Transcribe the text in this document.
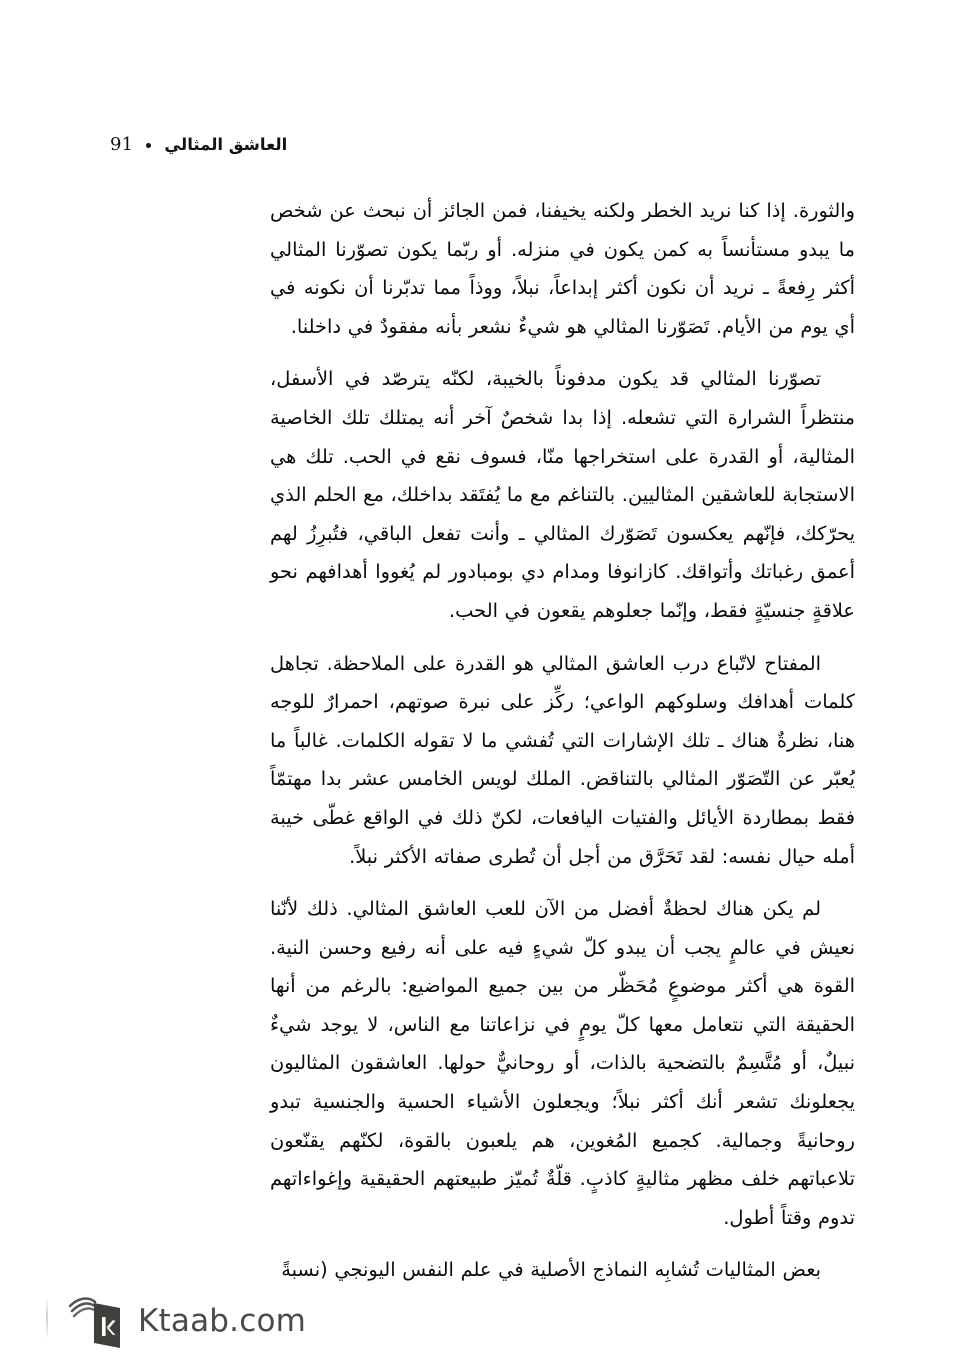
91 العاشق المثالي

والثورة. إذا كنا نريد الخطر ولكنه يخيفنا، فمن الجائز أن نبحث عن شخص ما يبدو مستأنساً به كمن يكون في منزله. أو ربّما يكون تصوّرنا المثالي أكثر رِفعةً ـ نريد أن نكون أكثر إبداعاً، نبلاً، ووذاً مما تدبّرنا أن نكونه في أي يوم من الأيام. تَصَوّرنا المثالي هو شيءٌ نشعر بأنه مفقودٌ في داخلنا.

تصوّرنا المثالي قد يكون مدفوناً بالخيبة، لكنّه يترصّد في الأسفل، منتظراً الشرارة التي تشعله. إذا بدا شخصٌ آخر أنه يمتلك تلك الخاصية المثالية، أو القدرة على استخراجها منّا، فسوف نقع في الحب. تلك هي الاستجابة للعاشقين المثاليين. بالتناغم مع ما يُفتَقد بداخلك، مع الحلم الذي يحرّكك، فإنّهم يعكسون تَصَوّرك المثالي ـ وأنت تفعل الباقي، فتُبرِزُ لهم أعمق رغباتك وأتواقك. كازانوفا ومدام دي بومبادور لم يُغووا أهدافهم نحو علاقةٍ جنسيّةٍ فقط، وإنّما جعلوهم يقعون في الحب.

المفتاح لاتّباع درب العاشق المثالي هو القدرة على الملاحظة. تجاهل كلمات أهدافك وسلوكهم الواعي؛ ركِّز على نبرة صوتهم، احمرارٌ للوجه هنا، نظرةٌ هناك ـ تلك الإشارات التي تُفشي ما لا تقوله الكلمات. غالباً ما يُعبّر عن التّصَوّر المثالي بالتناقض. الملك لويس الخامس عشر بدا مهتمّاً فقط بمطاردة الأيائل والفتيات اليافعات، لكنّ ذلك في الواقع غطّى خيبة أمله حيال نفسه: لقد تَحَرَّق من أجل أن تُطرى صفاته الأكثر نبلاً.

لم يكن هناك لحظةٌ أفضل من الآن للعب العاشق المثالي. ذلك لأنّنا نعيش في عالمٍ يجب أن يبدو كلّ شيءٍ فيه على أنه رفيع وحسن النية. القوة هي أكثر موضوعٍ مُحَظّر من بين جميع المواضيع: بالرغم من أنها الحقيقة التي نتعامل معها كلّ يومٍ في نزاعاتنا مع الناس، لا يوجد شيءٌ نبيلٌ، أو مُتَّسِمٌ بالتضحية بالذات، أو روحانيٌّ حولها. العاشقون المثاليون يجعلونك تشعر أنك أكثر نبلاً؛ ويجعلون الأشياء الحسية والجنسية تبدو روحانيةً وجمالية. كجميع المُغوين، هم يلعبون بالقوة، لكنّهم يقنّعون تلاعباتهم خلف مظهر مثاليةٍ كاذبٍ. قلّةٌ تُميّز طبيعتهم الحقيقية وإغواءاتهم تدوم وقتاً أطول.

بعض المثاليات تُشابِه النماذج الأصلية في علم النفس اليونجي (نسبةً

Ktaab.com
